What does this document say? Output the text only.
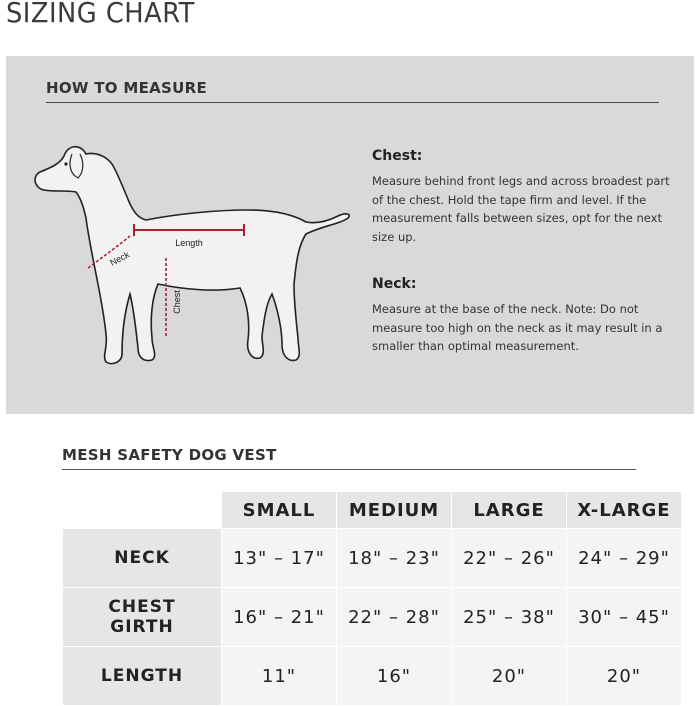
SIZING CHART
HOW TO MEASURE
Length
Neck
Chest
Chest:

Measure behind front legs and across broadest part of the chest. Hold the tape firm and level. If the measurement falls between sizes, opt for the next size up.

Neck:

Measure at the base of the neck. Note: Do not measure too high on the neck as it may result in a smaller than optimal measurement.

MESH SAFETY DOG VEST
	SMALL	MEDIUM	LARGE	X-LARGE
NECK	13" – 17"	18" – 23"	22" – 26"	24" – 29"
CHEST GIRTH	16" – 21"	22" – 28"	25" – 38"	30" – 45"
LENGTH	11"	16"	20"	20"
